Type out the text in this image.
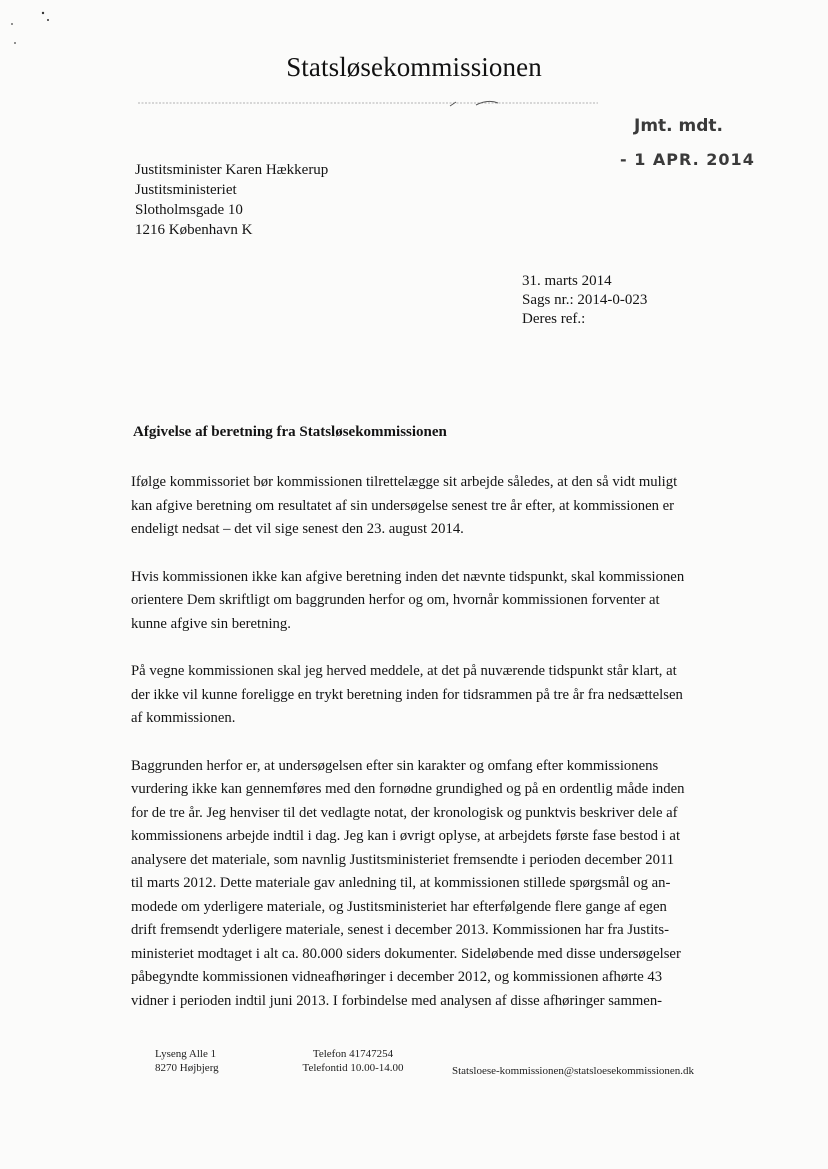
Statsløsekommissionen
Jmt. mdt.
- 1 APR. 2014
Justitsminister Karen Hækkerup
Justitsministeriet
Slotholmsgade 10
1216 København K
31. marts 2014
Sags nr.: 2014-0-023
Deres ref.:
Afgivelse af beretning fra Statsløsekommissionen
Ifølge kommissoriet bør kommissionen tilrettelægge sit arbejde således, at den så vidt muligt
kan afgive beretning om resultatet af sin undersøgelse senest tre år efter, at kommissionen er
endeligt nedsat – det vil sige senest den 23. august 2014.
Hvis kommissionen ikke kan afgive beretning inden det nævnte tidspunkt, skal kommissionen
orientere Dem skriftligt om baggrunden herfor og om, hvornår kommissionen forventer at
kunne afgive sin beretning.
På vegne kommissionen skal jeg herved meddele, at det på nuværende tidspunkt står klart, at
der ikke vil kunne foreligge en trykt beretning inden for tidsrammen på tre år fra nedsættelsen
af kommissionen.
Baggrunden herfor er, at undersøgelsen efter sin karakter og omfang efter kommissionens
vurdering ikke kan gennemføres med den fornødne grundighed og på en ordentlig måde inden
for de tre år. Jeg henviser til det vedlagte notat, der kronologisk og punktvis beskriver dele af
kommissionens arbejde indtil i dag. Jeg kan i øvrigt oplyse, at arbejdets første fase bestod i at
analysere det materiale, som navnlig Justitsministeriet fremsendte i perioden december 2011
til marts 2012. Dette materiale gav anledning til, at kommissionen stillede spørgsmål og an-
modede om yderligere materiale, og Justitsministeriet har efterfølgende flere gange af egen
drift fremsendt yderligere materiale, senest i december 2013. Kommissionen har fra Justits-
ministeriet modtaget i alt ca. 80.000 siders dokumenter. Sideløbende med disse undersøgelser
påbegyndte kommissionen vidneafhøringer i december 2012, og kommissionen afhørte 43
vidner i perioden indtil juni 2013. I forbindelse med analysen af disse afhøringer sammen-
Lyseng Alle 1
8270 Højbjerg
Telefon 41747254
Telefontid 10.00-14.00	Statsloese-kommissionen@statsloesekommissionen.dk
